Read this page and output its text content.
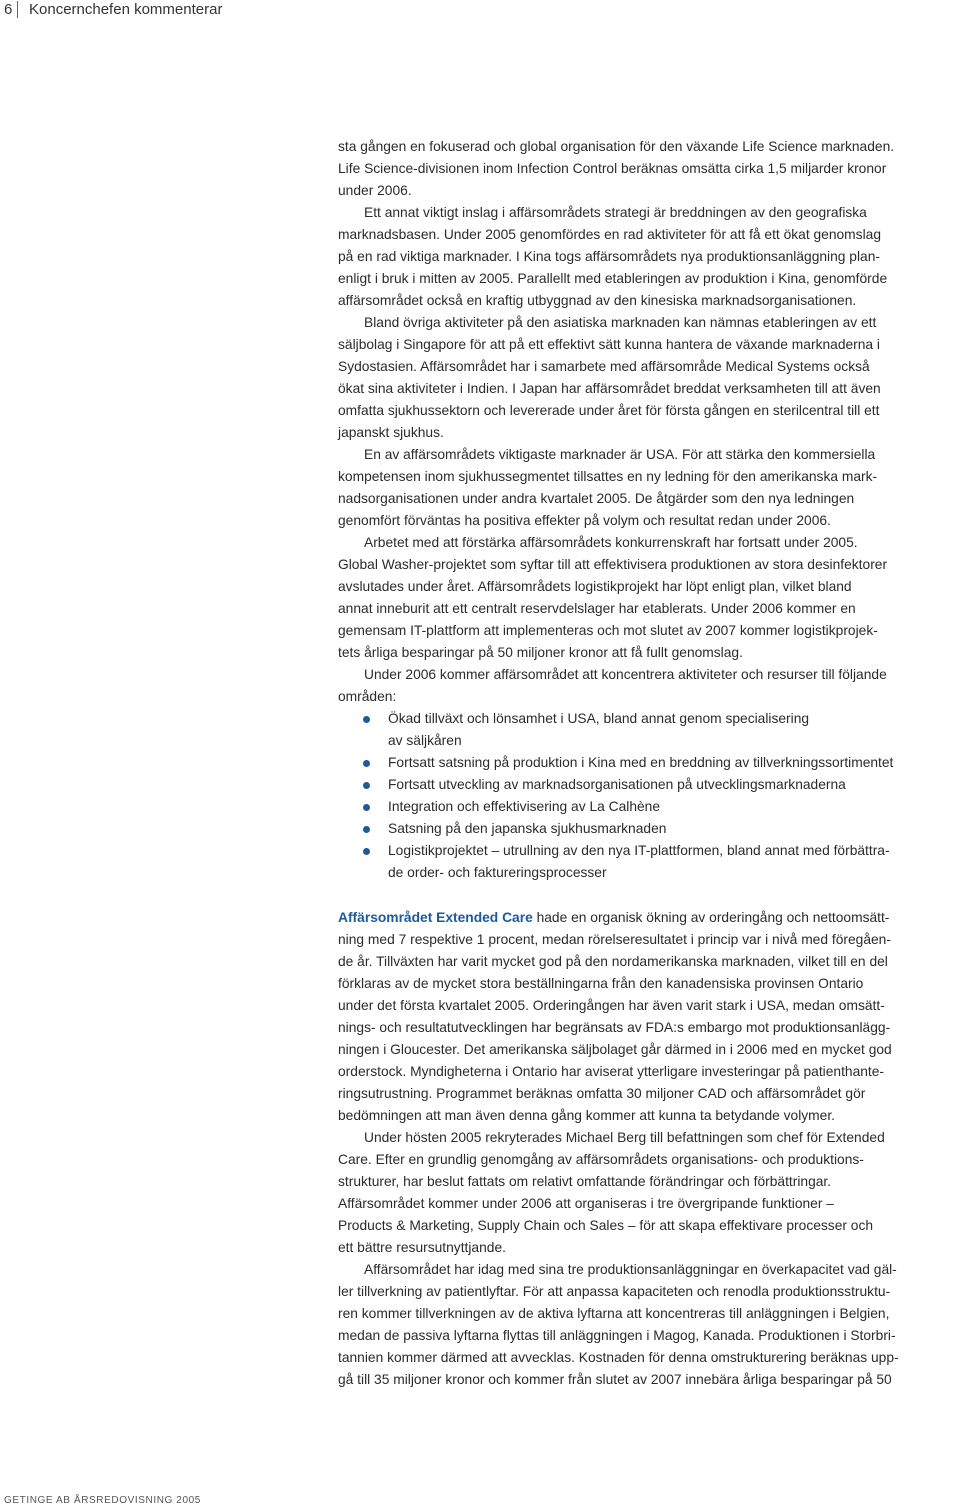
6 Koncernchefen kommenterar

sta gången en fokuserad och global organisation för den växande Life Science marknaden.
Life Science-divisionen inom Infection Control beräknas omsätta cirka 1,5 miljarder kronor
under 2006.

Ett annat viktigt inslag i affärsområdets strategi är breddningen av den geografiska
marknadsbasen. Under 2005 genomfördes en rad aktiviteter för att få ett ökat genomslag
på en rad viktiga marknader. I Kina togs affärsområdets nya produktionsanläggning plan-
enligt i bruk i mitten av 2005. Parallellt med etableringen av produktion i Kina, genomförde
affärsområdet också en kraftig utbyggnad av den kinesiska marknadsorganisationen.

Bland övriga aktiviteter på den asiatiska marknaden kan nämnas etableringen av ett
säljbolag i Singapore för att på ett effektivt sätt kunna hantera de växande marknaderna i
Sydostasien. Affärsområdet har i samarbete med affärsområde Medical Systems också
ökat sina aktiviteter i Indien. I Japan har affärsområdet breddat verksamheten till att även
omfatta sjukhussektorn och levererade under året för första gången en sterilcentral till ett
japanskt sjukhus.

En av affärsområdets viktigaste marknader är USA. För att stärka den kommersiella
kompetensen inom sjukhussegmentet tillsattes en ny ledning för den amerikanska mark-
nadsorganisationen under andra kvartalet 2005. De åtgärder som den nya ledningen
genomfört förväntas ha positiva effekter på volym och resultat redan under 2006.

Arbetet med att förstärka affärsområdets konkurrenskraft har fortsatt under 2005.
Global Washer-projektet som syftar till att effektivisera produktionen av stora desinfektorer
avslutades under året. Affärsområdets logistikprojekt har löpt enligt plan, vilket bland
annat inneburit att ett centralt reservdelslager har etablerats. Under 2006 kommer en
gemensam IT-plattform att implementeras och mot slutet av 2007 kommer logistikprojek-
tets årliga besparingar på 50 miljoner kronor att få fullt genomslag.

Under 2006 kommer affärsområdet att koncentrera aktiviteter och resurser till följande
områden:

Ökad tillväxt och lönsamhet i USA, bland annat genom specialisering
av säljkåren
Fortsatt satsning på produktion i Kina med en breddning av tillverkningssortimentet
Fortsatt utveckling av marknadsorganisationen på utvecklingsmarknaderna
Integration och effektivisering av La Calhène
Satsning på den japanska sjukhusmarknaden
Logistikprojektet – utrullning av den nya IT-plattformen, bland annat med förbättra-
de order- och faktureringsprocesser

Affärsområdet Extended Care hade en organisk ökning av orderingång och nettoomsätt-
ning med 7 respektive 1 procent, medan rörelseresultatet i princip var i nivå med föregåen-
de år. Tillväxten har varit mycket god på den nordamerikanska marknaden, vilket till en del
förklaras av de mycket stora beställningarna från den kanadensiska provinsen Ontario
under det första kvartalet 2005. Orderingången har även varit stark i USA, medan omsätt-
nings- och resultatutvecklingen har begränsats av FDA:s embargo mot produktionsanlägg-
ningen i Gloucester. Det amerikanska säljbolaget går därmed in i 2006 med en mycket god
orderstock. Myndigheterna i Ontario har aviserat ytterligare investeringar på patienthante-
ringsutrustning. Programmet beräknas omfatta 30 miljoner CAD och affärsområdet gör
bedömningen att man även denna gång kommer att kunna ta betydande volymer.

Under hösten 2005 rekryterades Michael Berg till befattningen som chef för Extended
Care. Efter en grundlig genomgång av affärsområdets organisations- och produktions-
strukturer, har beslut fattats om relativt omfattande förändringar och förbättringar.
Affärsområdet kommer under 2006 att organiseras i tre övergripande funktioner –
Products & Marketing, Supply Chain och Sales – för att skapa effektivare processer och
ett bättre resursutnyttjande.

Affärsområdet har idag med sina tre produktionsanläggningar en överkapacitet vad gäl-
ler tillverkning av patientlyftar. För att anpassa kapaciteten och renodla produktionsstruktu-
ren kommer tillverkningen av de aktiva lyftarna att koncentreras till anläggningen i Belgien,
medan de passiva lyftarna flyttas till anläggningen i Magog, Kanada. Produktionen i Storbri-
tannien kommer därmed att avvecklas. Kostnaden för denna omstrukturering beräknas upp-
gå till 35 miljoner kronor och kommer från slutet av 2007 innebära årliga besparingar på 50

GETINGE AB ÅRSREDOVISNING 2005
